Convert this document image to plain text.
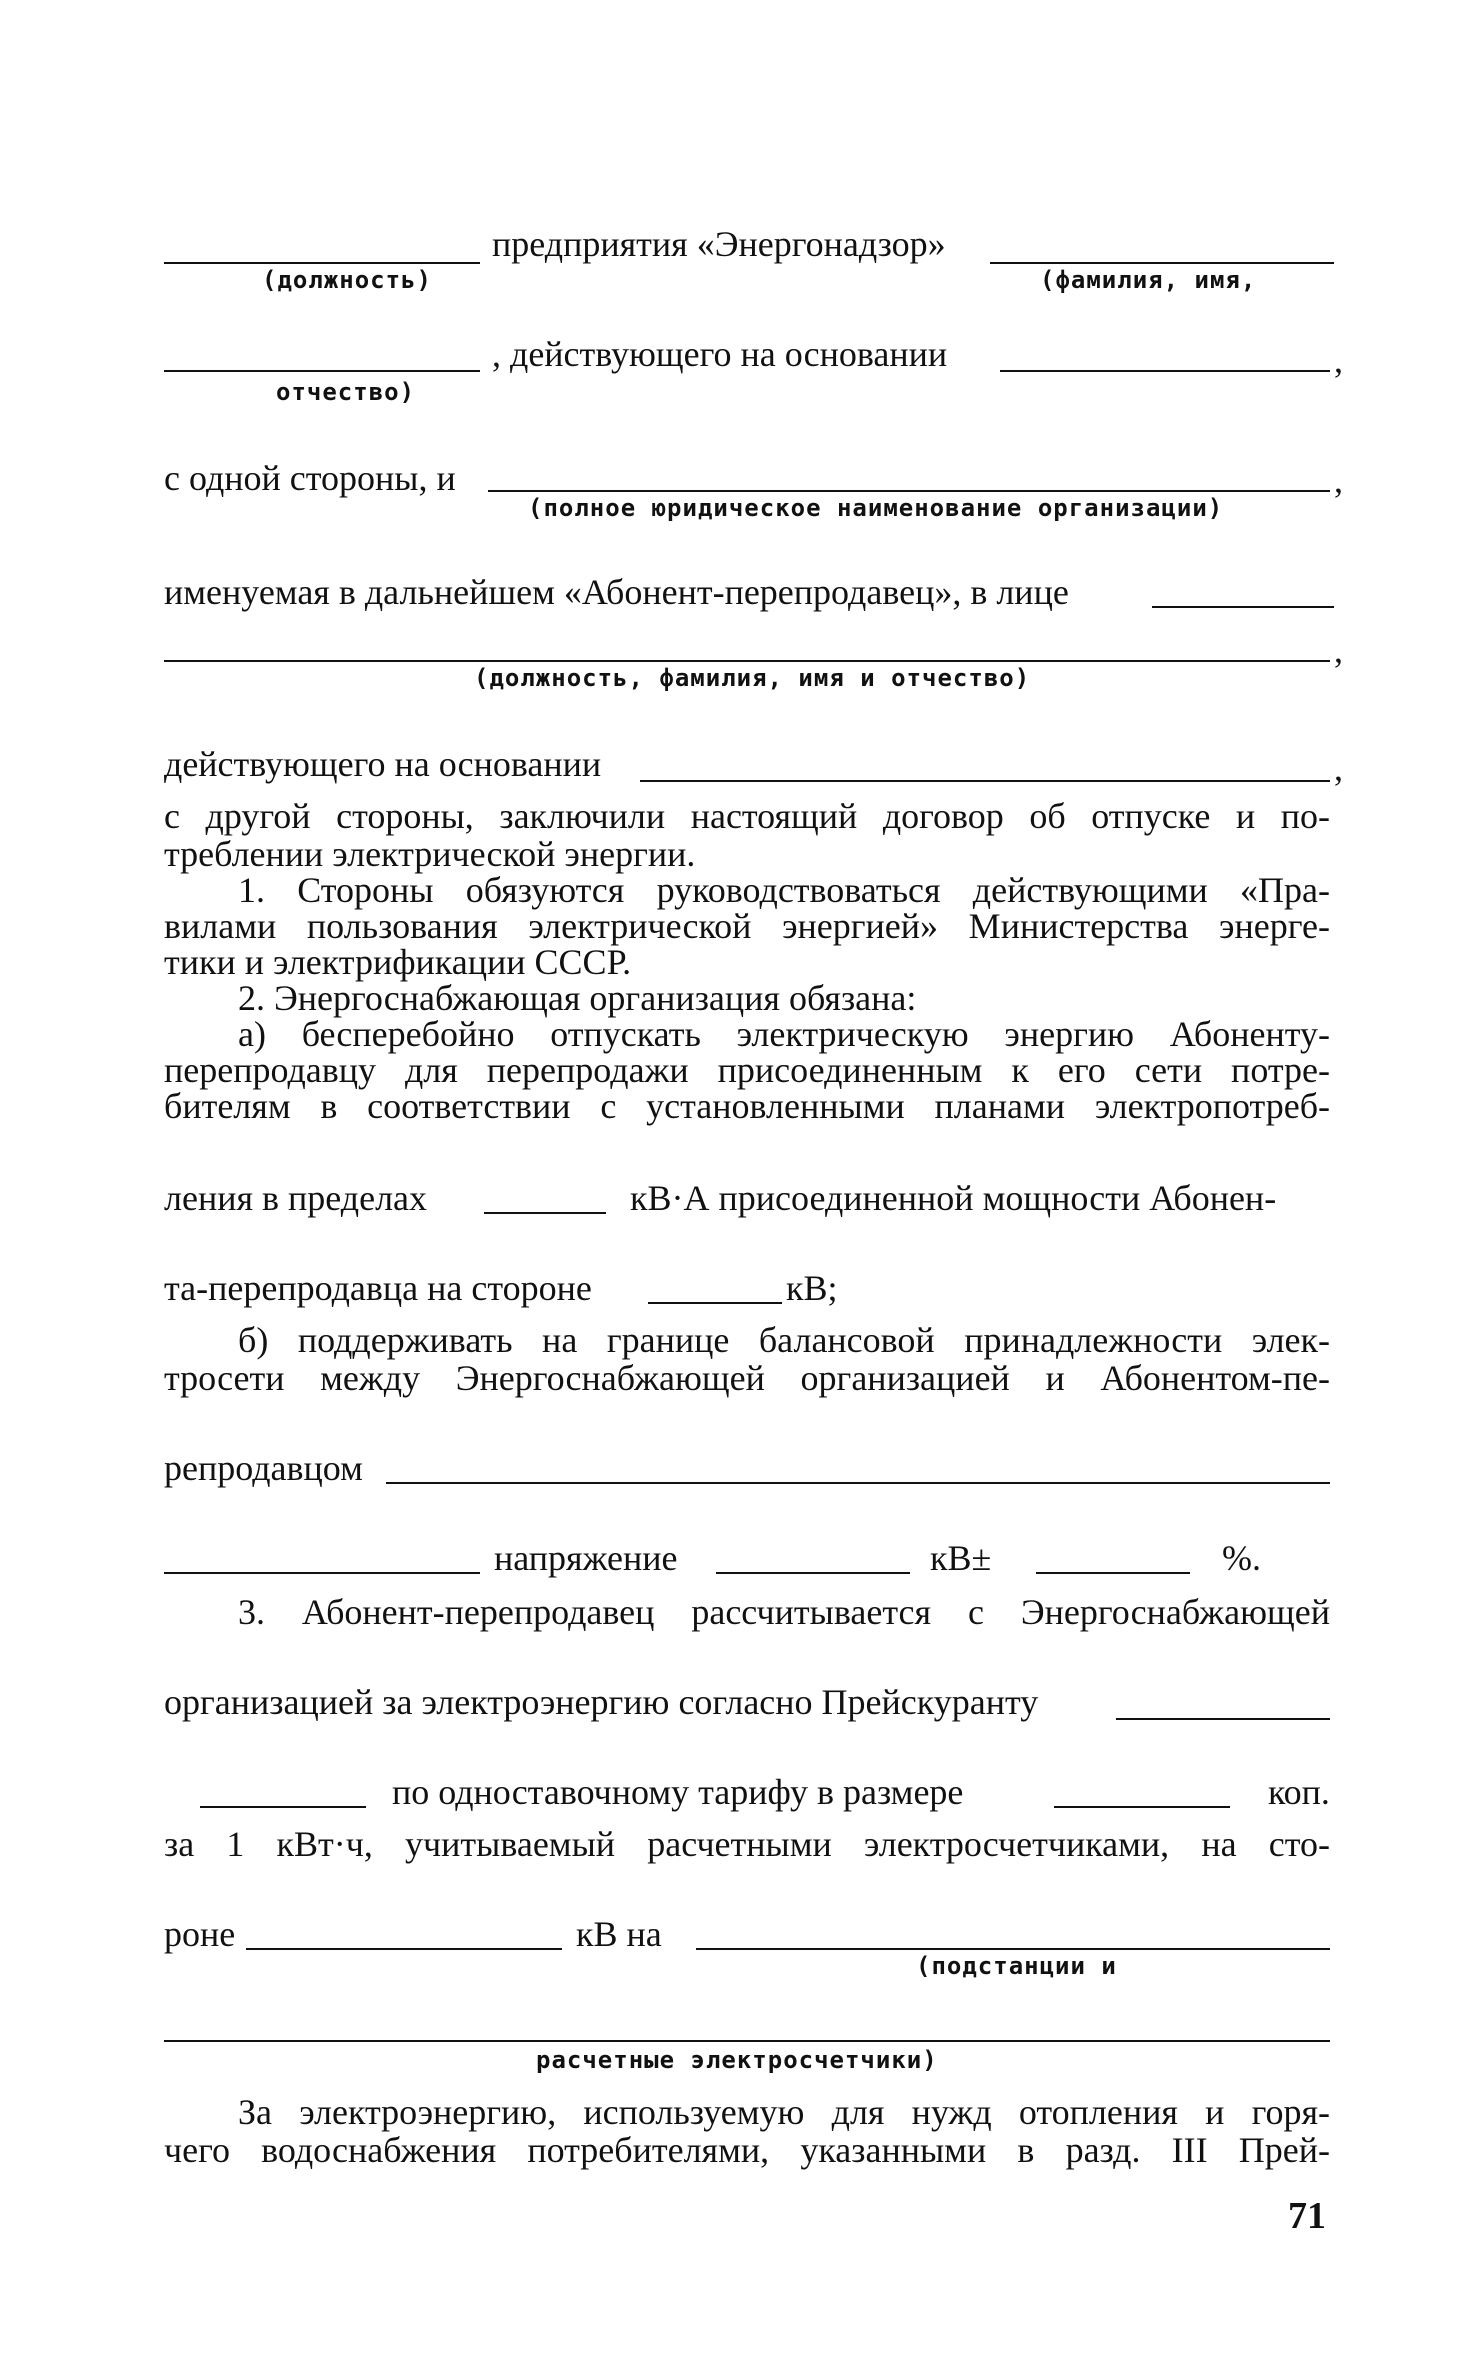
предприятия «Энергонадзор»
(должность)	(фамилия, имя,
, действующего на основании	,
отчество)
с одной стороны, и	,
(полное юридическое наименование организации)
именуемая в дальнейшем «Абонент-перепродавец», в лице
,
(должность, фамилия, имя и отчество)
действующего на основании	,
с другой стороны, заключили настоящий договор об отпуске и по-
треблении электрической энергии.
1. Стороны обязуются руководствоваться действующими «Пра-
вилами пользования электрической энергией» Министерства энерге-
тики и электрификации СССР.
2. Энергоснабжающая организация обязана:
а) бесперебойно отпускать электрическую энергию Абоненту-
перепродавцу для перепродажи присоединенным к его сети потре-
бителям в соответствии с установленными планами электропотреб-
ления в пределах	кВ·А присоединенной мощности Абонен-
та-перепродавца на стороне	кВ;
б) поддерживать на границе балансовой принадлежности элек-
тросети между Энергоснабжающей организацией и Абонентом-пе-
репродавцом
напряжение	кВ±	%.
3. Абонент-перепродавец рассчитывается с Энергоснабжающей
организацией за электроэнергию согласно Прейскуранту
по одноставочному тарифу в размере	коп.
за 1 кВт·ч, учитываемый расчетными электросчетчиками, на сто-
роне	кВ на
(подстанции и
расчетные электросчетчики)
За электроэнергию, используемую для нужд отопления и горя-
чего водоснабжения потребителями, указанными в разд. III Прей-
71
